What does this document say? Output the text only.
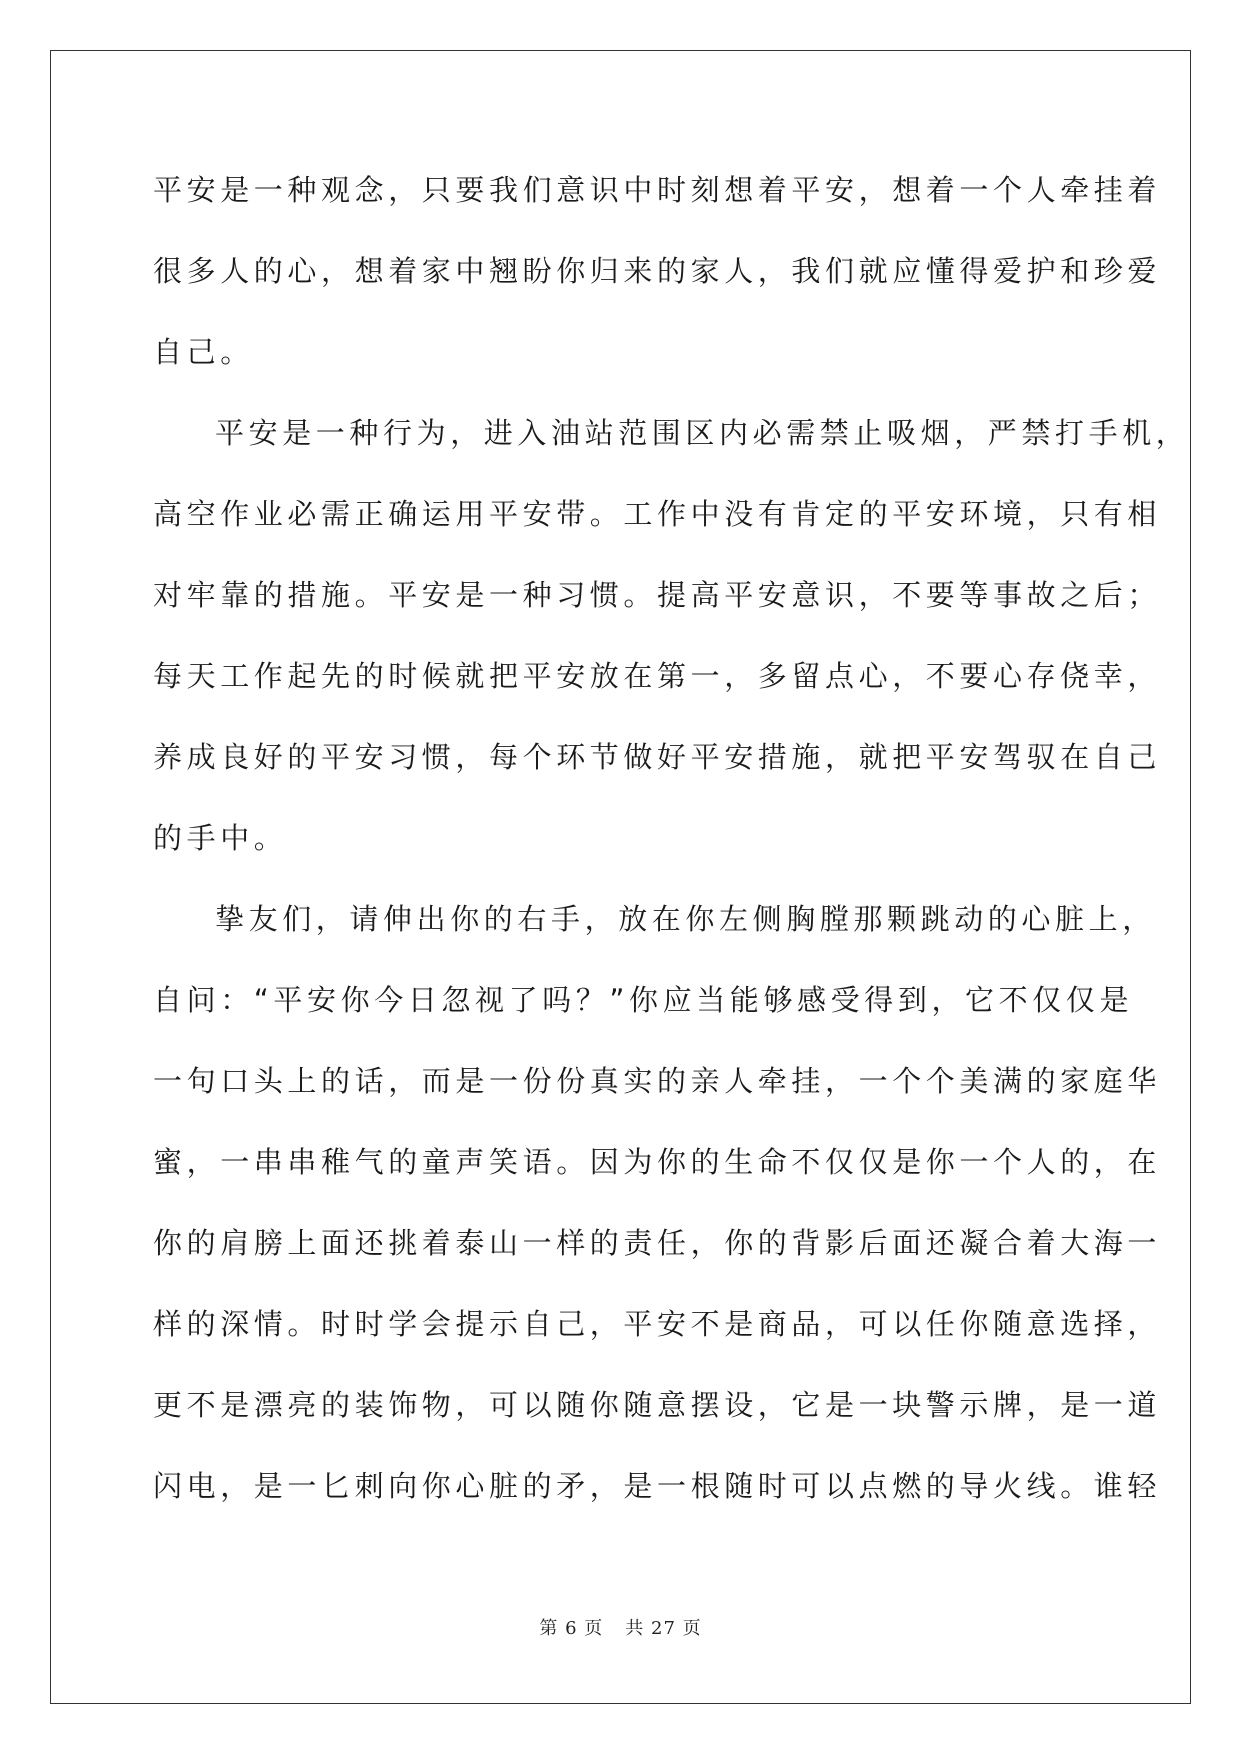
平安是一种观念，只要我们意识中时刻想着平安，想着一个人牵挂着
很多人的心，想着家中翘盼你归来的家人，我们就应懂得爱护和珍爱
自己。
平安是一种行为，进入油站范围区内必需禁止吸烟，严禁打手机，
高空作业必需正确运用平安带。工作中没有肯定的平安环境，只有相
对牢靠的措施。平安是一种习惯。提高平安意识，不要等事故之后；
每天工作起先的时候就把平安放在第一，多留点心，不要心存侥幸，
养成良好的平安习惯，每个环节做好平安措施，就把平安驾驭在自己
的手中。
挚友们，请伸出你的右手，放在你左侧胸膛那颗跳动的心脏上，
自问：“平安你今日忽视了吗？”你应当能够感受得到，它不仅仅是
一句口头上的话，而是一份份真实的亲人牵挂，一个个美满的家庭华
蜜，一串串稚气的童声笑语。因为你的生命不仅仅是你一个人的，在
你的肩膀上面还挑着泰山一样的责任，你的背影后面还凝合着大海一
样的深情。时时学会提示自己，平安不是商品，可以任你随意选择，
更不是漂亮的装饰物，可以随你随意摆设，它是一块警示牌，是一道
闪电，是一匕刺向你心脏的矛，是一根随时可以点燃的导火线。谁轻
第 6 页 共 27 页
